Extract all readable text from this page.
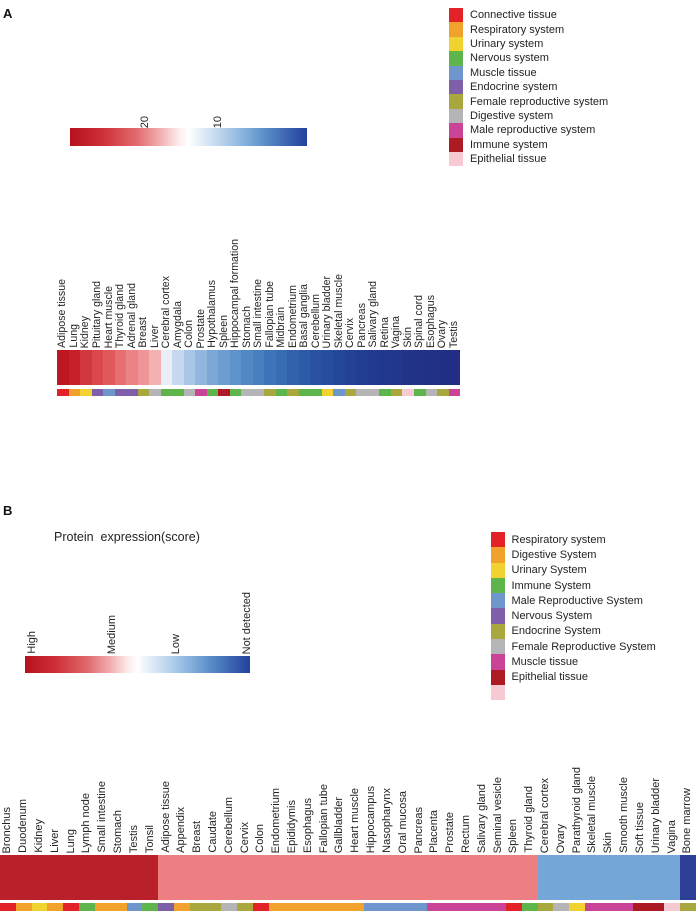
A
20	10
Connective tissue
Respiratory system
Urinary system
Nervous system
Muscle tissue
Endocrine system
Female reproductive system
Digestive system
Male reproductive system
Immune system
Epithelial tissue
Adipose tissue Lung Kidney Pituitary gland Heart muscle Thyroid gland Adrenal gland Breast Liver Cerebral cortex Amygdala Colon Prostate Hypothalamus Spleen Hippocampal formation Stomach Small intestine Fallopian tube Midbrain Endometrium Basal ganglia Cerebellum Urinary bladder Skeletal muscle Cervix Pancreas Salivary gland Retina Vagina Skin Spinal cord Esophagus Ovary Testis
B
Protein  expression(score)
High	Medium	Low	Not detected
Respiratory system
Digestive System
Urinary System
Immune System
Male Reproductive System
Nervous System
Endocrine System
Female Reproductive System
Muscle tissue
Epithelial tissue
Bronchus Duodenum Kidney Liver Lung Lymph node Small intestine Stomach Testis Tonsil Adipose tissue Appendix Breast Caudate Cerebellum Cervix Colon Endometrium Epididymis Esophagus Fallopian tube Gallbladder Heart muscle Hippocampus Nasopharynx Oral mucosa Pancreas Placenta Prostate Rectum Salivary gland Seminal vesicle Spleen Thyroid gland Cerebral cortex Ovary Parathyroid gland Skeletal muscle Skin Smooth muscle Soft tissue Urinary bladder Vagina Bone marrow
